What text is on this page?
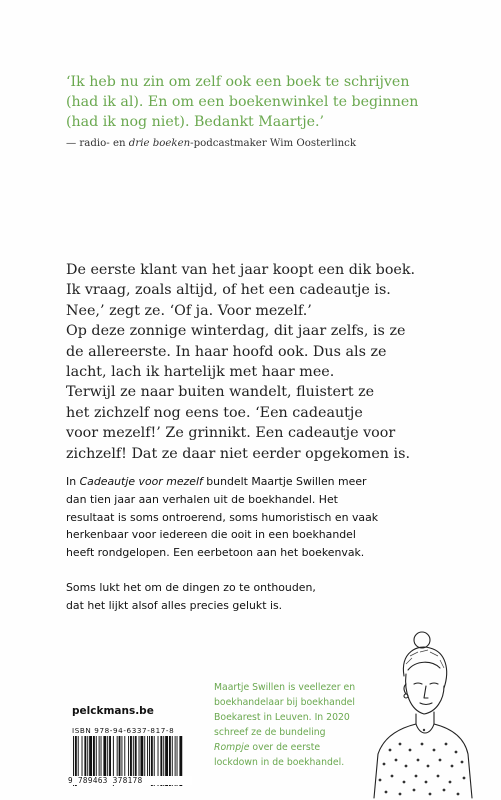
‘Ik heb nu zin om zelf ook een boek te schrijven

(had ik al). En om een boekenwinkel te beginnen

(had ik nog niet). Bedankt Maartje.’

— radio- en drie boeken-podcastmaker Wim Oosterlinck
De eerste klant van het jaar koopt een dik boek.
Ik vraag, zoals altijd, of het een cadeautje is.
Nee,’ zegt ze. ‘Of ja. Voor mezelf.’
Op deze zonnige winterdag, dit jaar zelfs, is ze
de allereerste. In haar hoofd ook. Dus als ze
lacht, lach ik hartelijk met haar mee.
Terwijl ze naar buiten wandelt, fluistert ze
het zichzelf nog eens toe. ‘Een cadeautje
voor mezelf!’ Ze grinnikt. Een cadeautje voor
zichzelf! Dat ze daar niet eerder opgekomen is.
In Cadeautje voor mezelf bundelt Maartje Swillen meer
dan tien jaar aan verhalen uit de boekhandel. Het
resultaat is soms ontroerend, soms humoristisch en vaak
herkenbaar voor iedereen die ooit in een boekhandel
heeft rondgelopen. Een eerbetoon aan het boekenvak.
Soms lukt het om de dingen zo te onthouden,
dat het lijkt alsof alles precies gelukt is.
Maartje Swillen is veellezer en
boekhandelaar bij boekhandel
Boekarest in Leuven. In 2020
schreef ze de bundeling
Rompje over de eerste
lockdown in de boekhandel.
pelckmans.be
ISBN 978-94-6337-817-8
9 789463 378178
